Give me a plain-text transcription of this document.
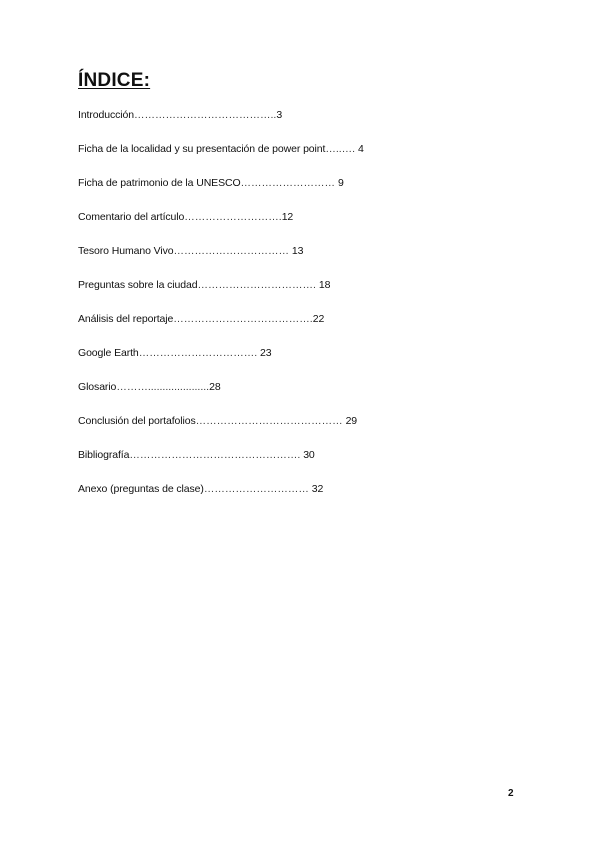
ÍNDICE:
Introducción…………………………………..3
Ficha de la localidad y su presentación de power point…..…. 4
Ficha de patrimonio de la UNESCO……………………… 9
Comentario del artículo……………………….12
Tesoro Humano Vivo…………………………… 13
Preguntas sobre la ciudad……………………………. 18
Análisis del reportaje………………………………….22
Google Earth……………………………. 23
Glosario……….....................28
Conclusión del portafolios…………………………………… 29
Bibliografía…………………………………………. 30
Anexo (preguntas de clase)………………………… 32
2
